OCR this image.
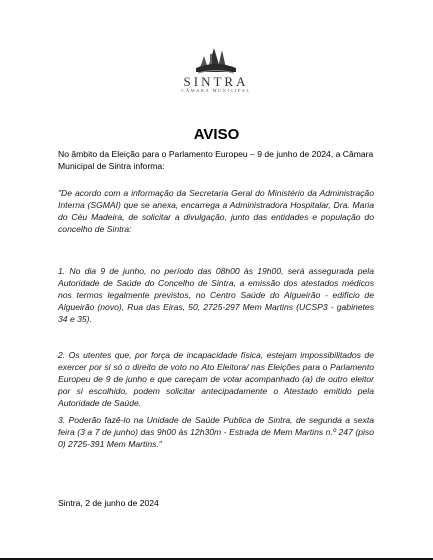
SINTRA
CÂMARA MUNICIPAL
AVISO

No âmbito da Eleição para o Parlamento Europeu – 9 de junho de 2024, a Câmara Municipal de Sintra informa:

"De acordo com a informação da Secretaria Geral do Ministério da Administração Interna (SGMAI) que se anexa, encarrega a Administradora Hospitalar, Dra. Maria do Céu Madeira, de solicitar a divulgação, junto das entidades e população do concelho de Sintra:

1. No dia 9 de junho, no período das 08h00 às 19h00, será assegurada pela Autoridade de Saúde do Concelho de Sintra, a emissão dos atestados médicos nos termos legalmente previstos, no Centro Saúde do Algueirão - edifício de Algueirão (novo), Rua das Eiras, 50, 2725-297 Mem Martins (UCSP3 - gabinetes 34 e 35).

2. Os utentes que, por força de incapacidade física, estejam impossibilitados de exercer por si só o direito de voto no Ato Eleitora/ nas Eleições para o Parlamento Europeu de 9 de junho e que careçam de votar acompanhado (a) de outro eleitor por si escolhido, podem solicitar antecipadamente o Atestado emitido pela Autoridade de Saúde.

3. Poderão fazê-lo na Unidade de Saúde Publica de Sintra, de segunda a sexta feira (3 a 7 de junho) das 9h00 às 12h30m - Estrada de Mem Martins n.º 247 (piso 0) 2725-391 Mem Martins."

Sintra, 2 de junho de 2024
